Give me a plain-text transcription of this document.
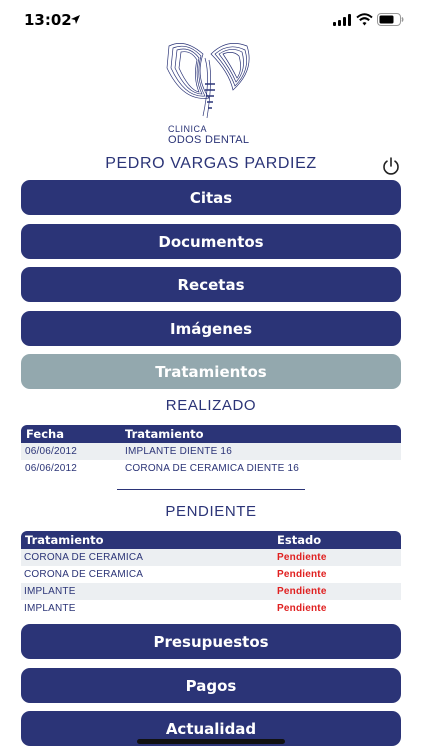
13:02
CLINICA
ODOS DENTAL
PEDRO VARGAS PARDIEZ
Citas
Documentos
Recetas
Imágenes
Tratamientos
REALIZADO
Fecha	Tratamiento
06/06/2012	IMPLANTE DIENTE 16
06/06/2012	CORONA DE CERAMICA DIENTE 16
PENDIENTE
Tratamiento	Estado
CORONA DE CERAMICA	Pendiente
CORONA DE CERAMICA	Pendiente
IMPLANTE	Pendiente
IMPLANTE	Pendiente
Presupuestos
Pagos
Actualidad
